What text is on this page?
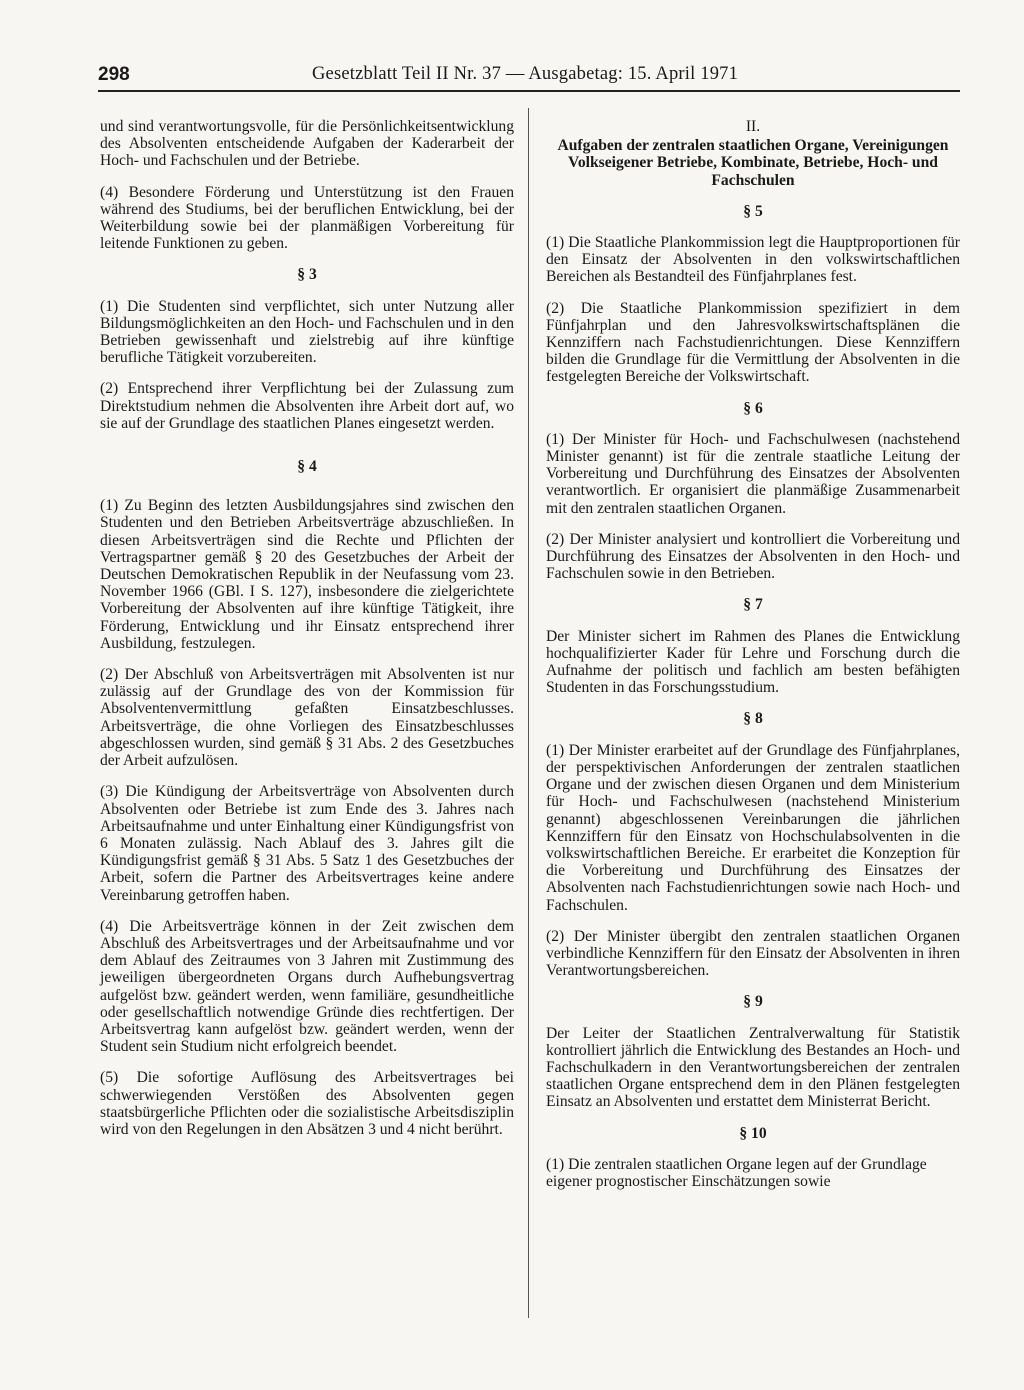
298	Gesetzblatt Teil II Nr. 37 — Ausgabetag: 15. April 1971

und sind verantwortungsvolle, für die Persönlichkeitsentwicklung des Absolventen entscheidende Aufgaben der Kaderarbeit der Hoch- und Fachschulen und der Betriebe.

(4) Besondere Förderung und Unterstützung ist den Frauen während des Studiums, bei der beruflichen Entwicklung, bei der Weiterbildung sowie bei der planmäßigen Vorbereitung für leitende Funktionen zu geben.

§ 3

(1) Die Studenten sind verpflichtet, sich unter Nutzung aller Bildungsmöglichkeiten an den Hoch- und Fachschulen und in den Betrieben gewissenhaft und zielstrebig auf ihre künftige berufliche Tätigkeit vorzubereiten.

(2) Entsprechend ihrer Verpflichtung bei der Zulassung zum Direktstudium nehmen die Absolventen ihre Arbeit dort auf, wo sie auf der Grundlage des staatlichen Planes eingesetzt werden.

§ 4

(1) Zu Beginn des letzten Ausbildungsjahres sind zwischen den Studenten und den Betrieben Arbeitsverträge abzuschließen. In diesen Arbeitsverträgen sind die Rechte und Pflichten der Vertragspartner gemäß § 20 des Gesetzbuches der Arbeit der Deutschen Demokratischen Republik in der Neufassung vom 23. November 1966 (GBl. I S. 127), insbesondere die zielgerichtete Vorbereitung der Absolventen auf ihre künftige Tätigkeit, ihre Förderung, Entwicklung und ihr Einsatz entsprechend ihrer Ausbildung, festzulegen.

(2) Der Abschluß von Arbeitsverträgen mit Absolventen ist nur zulässig auf der Grundlage des von der Kommission für Absolventenvermittlung gefaßten Einsatzbeschlusses. Arbeitsverträge, die ohne Vorliegen des Einsatzbeschlusses abgeschlossen wurden, sind gemäß § 31 Abs. 2 des Gesetzbuches der Arbeit aufzulösen.

(3) Die Kündigung der Arbeitsverträge von Absolventen durch Absolventen oder Betriebe ist zum Ende des 3. Jahres nach Arbeitsaufnahme und unter Einhaltung einer Kündigungsfrist von 6 Monaten zulässig. Nach Ablauf des 3. Jahres gilt die Kündigungsfrist gemäß § 31 Abs. 5 Satz 1 des Gesetzbuches der Arbeit, sofern die Partner des Arbeitsvertrages keine andere Vereinbarung getroffen haben.

(4) Die Arbeitsverträge können in der Zeit zwischen dem Abschluß des Arbeitsvertrages und der Arbeitsaufnahme und vor dem Ablauf des Zeitraumes von 3 Jahren mit Zustimmung des jeweiligen übergeordneten Organs durch Aufhebungsvertrag aufgelöst bzw. geändert werden, wenn familiäre, gesundheitliche oder gesellschaftlich notwendige Gründe dies rechtfertigen. Der Arbeitsvertrag kann aufgelöst bzw. geändert werden, wenn der Student sein Studium nicht erfolgreich beendet.

(5) Die sofortige Auflösung des Arbeitsvertrages bei schwerwiegenden Verstößen des Absolventen gegen staatsbürgerliche Pflichten oder die sozialistische Arbeitsdisziplin wird von den Regelungen in den Absätzen 3 und 4 nicht berührt.

II.
Aufgaben der zentralen staatlichen Organe, Vereinigungen Volkseigener Betriebe, Kombinate, Betriebe, Hoch- und Fachschulen
§ 5

(1) Die Staatliche Plankommission legt die Hauptproportionen für den Einsatz der Absolventen in den volkswirtschaftlichen Bereichen als Bestandteil des Fünfjahrplanes fest.

(2) Die Staatliche Plankommission spezifiziert in dem Fünfjahrplan und den Jahresvolkswirtschaftsplänen die Kennziffern nach Fachstudienrichtungen. Diese Kennziffern bilden die Grundlage für die Vermittlung der Absolventen in die festgelegten Bereiche der Volkswirtschaft.

§ 6

(1) Der Minister für Hoch- und Fachschulwesen (nachstehend Minister genannt) ist für die zentrale staatliche Leitung der Vorbereitung und Durchführung des Einsatzes der Absolventen verantwortlich. Er organisiert die planmäßige Zusammenarbeit mit den zentralen staatlichen Organen.

(2) Der Minister analysiert und kontrolliert die Vorbereitung und Durchführung des Einsatzes der Absolventen in den Hoch- und Fachschulen sowie in den Betrieben.

§ 7

Der Minister sichert im Rahmen des Planes die Entwicklung hochqualifizierter Kader für Lehre und Forschung durch die Aufnahme der politisch und fachlich am besten befähigten Studenten in das Forschungsstudium.

§ 8

(1) Der Minister erarbeitet auf der Grundlage des Fünfjahrplanes, der perspektivischen Anforderungen der zentralen staatlichen Organe und der zwischen diesen Organen und dem Ministerium für Hoch- und Fachschulwesen (nachstehend Ministerium genannt) abgeschlossenen Vereinbarungen die jährlichen Kennziffern für den Einsatz von Hochschulabsolventen in die volkswirtschaftlichen Bereiche. Er erarbeitet die Konzeption für die Vorbereitung und Durchführung des Einsatzes der Absolventen nach Fachstudienrichtungen sowie nach Hoch- und Fachschulen.

(2) Der Minister übergibt den zentralen staatlichen Organen verbindliche Kennziffern für den Einsatz der Absolventen in ihren Verantwortungsbereichen.

§ 9

Der Leiter der Staatlichen Zentralverwaltung für Statistik kontrolliert jährlich die Entwicklung des Bestandes an Hoch- und Fachschulkadern in den Verantwortungsbereichen der zentralen staatlichen Organe entsprechend dem in den Plänen festgelegten Einsatz an Absolventen und erstattet dem Ministerrat Bericht.

§ 10

(1) Die zentralen staatlichen Organe legen auf der Grundlage eigener prognostischer Einschätzungen sowie
